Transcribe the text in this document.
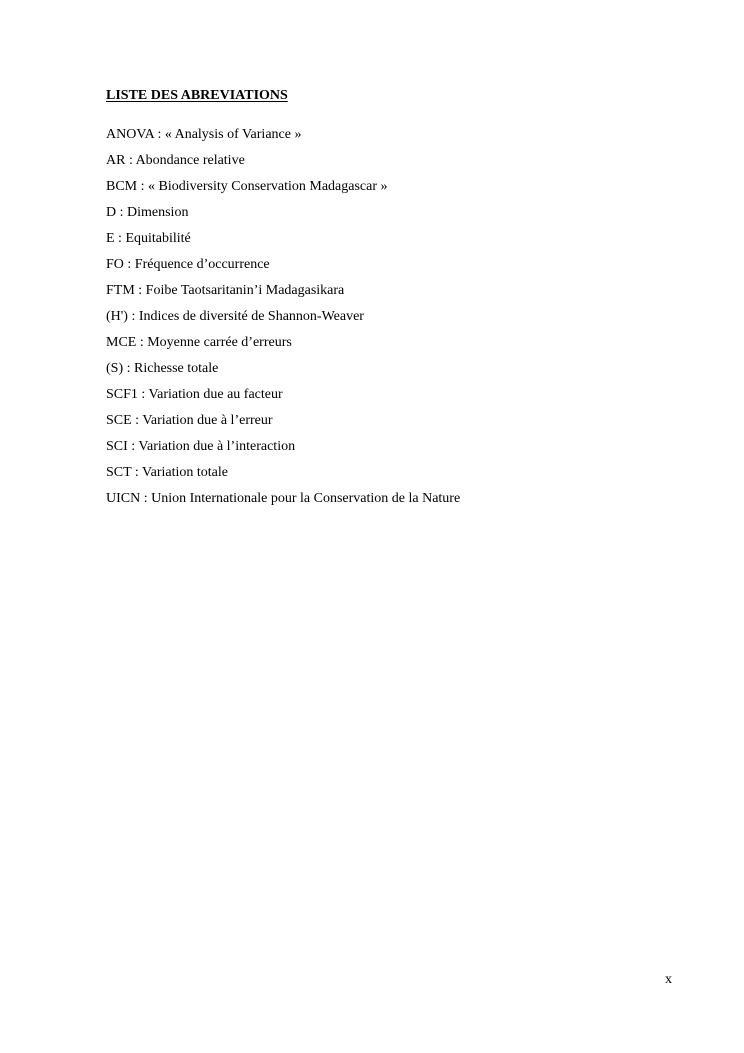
LISTE DES ABREVIATIONS
ANOVA : « Analysis of Variance »
AR : Abondance relative
BCM : « Biodiversity Conservation Madagascar »
D : Dimension
E : Equitabilité
FO : Fréquence d’occurrence
FTM : Foibe Taotsaritanin’i Madagasikara
(H') : Indices de diversité de Shannon-Weaver
MCE : Moyenne carrée d’erreurs
(S) : Richesse totale
SCF1 : Variation due au facteur
SCE : Variation due à l’erreur
SCI : Variation due à l’interaction
SCT : Variation totale
UICN : Union Internationale pour la Conservation de la Nature
x
